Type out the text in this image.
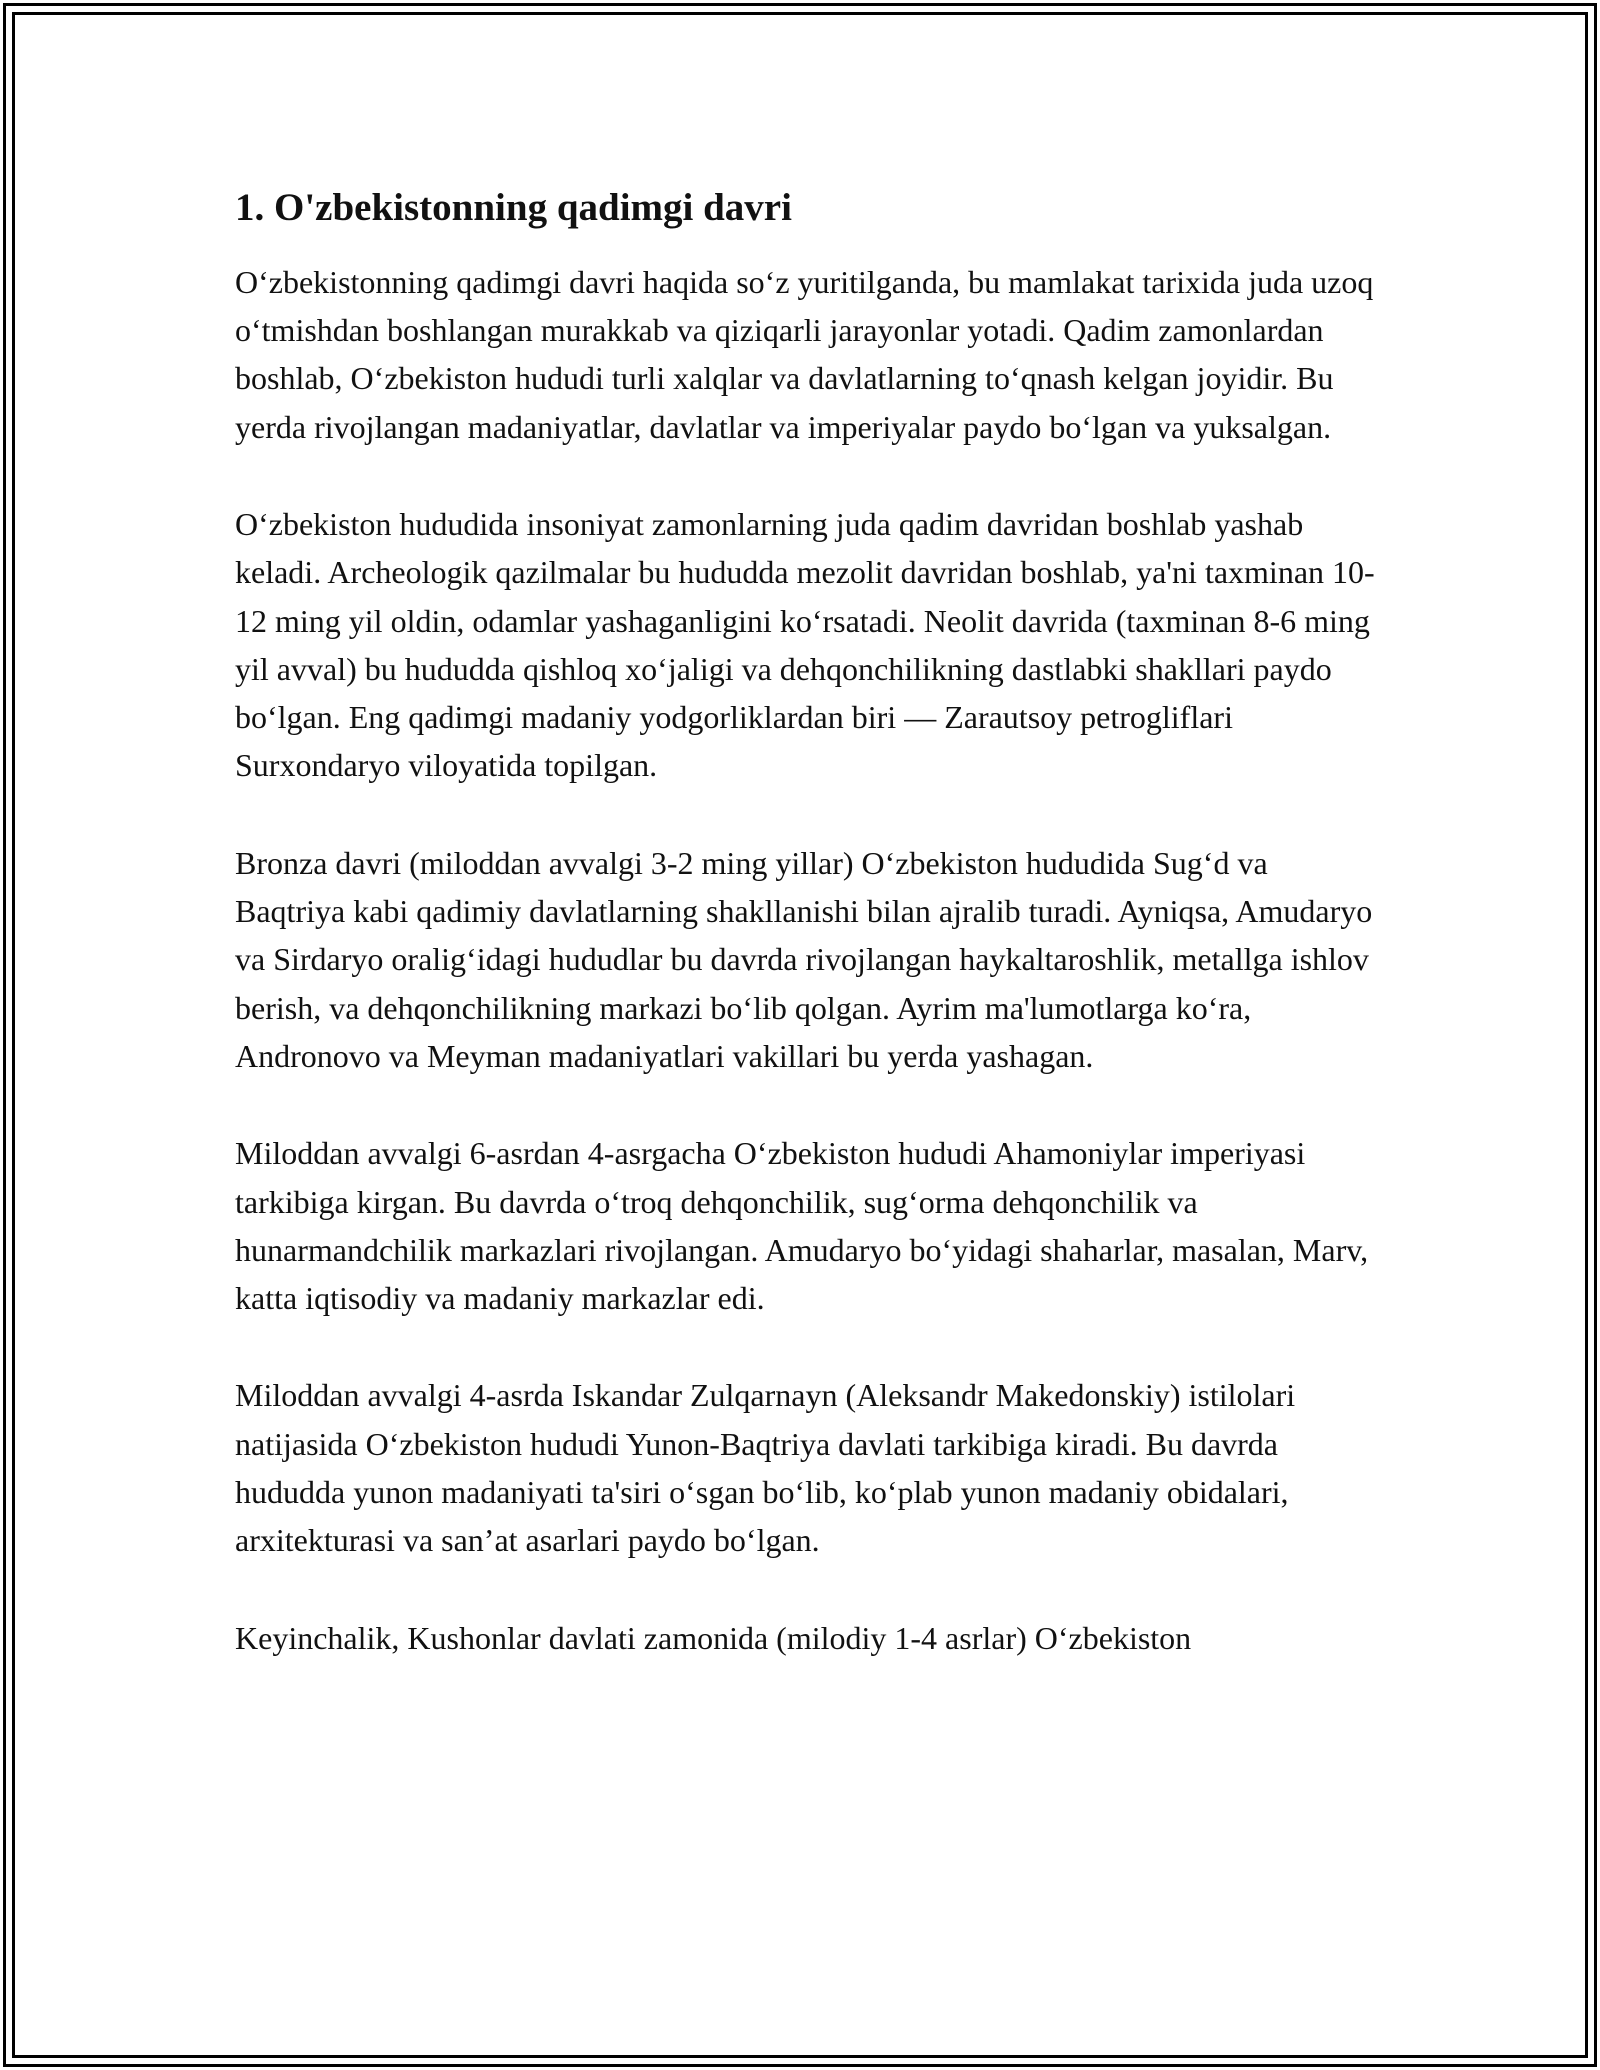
1. O'zbekistonning qadimgi davri

O‘zbekistonning qadimgi davri haqida so‘z yuritilganda, bu mamlakat tarixida juda uzoq o‘tmishdan boshlangan murakkab va qiziqarli jarayonlar yotadi. Qadim zamonlardan boshlab, O‘zbekiston hududi turli xalqlar va davlatlarning to‘qnash kelgan joyidir. Bu yerda rivojlangan madaniyatlar, davlatlar va imperiyalar paydo bo‘lgan va yuksalgan.

O‘zbekiston hududida insoniyat zamonlarning juda qadim davridan boshlab yashab keladi. Archeologik qazilmalar bu hududda mezolit davridan boshlab, ya'ni taxminan 10-12 ming yil oldin, odamlar yashaganligini ko‘rsatadi. Neolit davrida (taxminan 8-6 ming yil avval) bu hududda qishloq xo‘jaligi va dehqonchilikning dastlabki shakllari paydo bo‘lgan. Eng qadimgi madaniy yodgorliklardan biri — Zarautsoy petrogliflari Surxondaryo viloyatida topilgan.

Bronza davri (miloddan avvalgi 3-2 ming yillar) O‘zbekiston hududida Sug‘d va Baqtriya kabi qadimiy davlatlarning shakllanishi bilan ajralib turadi. Ayniqsa, Amudaryo va Sirdaryo oralig‘idagi hududlar bu davrda rivojlangan haykaltaroshlik, metallga ishlov berish, va dehqonchilikning markazi bo‘lib qolgan. Ayrim ma'lumotlarga ko‘ra, Andronovo va Meyman madaniyatlari vakillari bu yerda yashagan.

Miloddan avvalgi 6-asrdan 4-asrgacha O‘zbekiston hududi Ahamoniylar imperiyasi tarkibiga kirgan. Bu davrda o‘troq dehqonchilik, sug‘orma dehqonchilik va hunarmandchilik markazlari rivojlangan. Amudaryo bo‘yidagi shaharlar, masalan, Marv, katta iqtisodiy va madaniy markazlar edi.

Miloddan avvalgi 4-asrda Iskandar Zulqarnayn (Aleksandr Makedonskiy) istilolari natijasida O‘zbekiston hududi Yunon-Baqtriya davlati tarkibiga kiradi. Bu davrda hududda yunon madaniyati ta'siri o‘sgan bo‘lib, ko‘plab yunon madaniy obidalari, arxitekturasi va san’at asarlari paydo bo‘lgan.

Keyinchalik, Kushonlar davlati zamonida (milodiy 1-4 asrlar) O‘zbekiston
